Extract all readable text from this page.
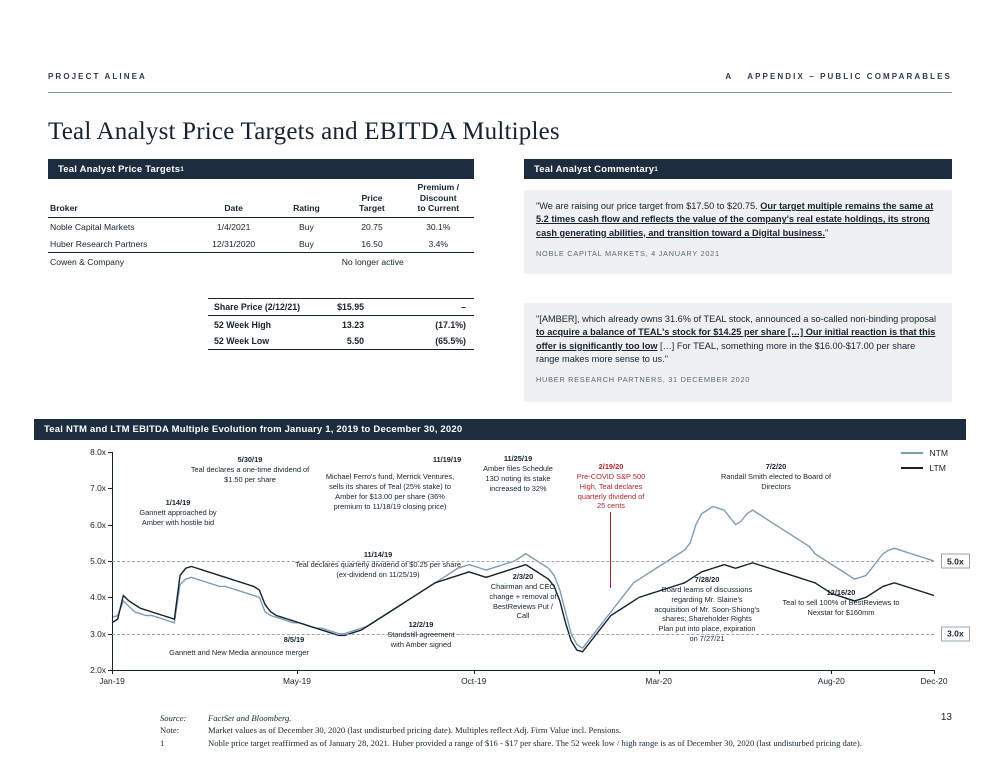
PROJECT ALINEA	A APPENDIX – PUBLIC COMPARABLES
Teal Analyst Price Targets and EBITDA Multiples
Teal Analyst Price Targets 1
Broker	Date	Rating	
Price
Target

Premium /
Discount
to Current

Noble Capital Markets	1/4/2021	Buy	20.75	30.1%
Huber Research Partners	12/31/2020	Buy	16.50	3.4%
Cowen & Company		No longer active		
Share Price (2/12/21)	$15.95	–
52 Week High	13.23	(17.1%)
52 Week Low	5.50	(65.5%)
Teal Analyst Commentary 1

"We are raising our price target from $17.50 to $20.75. Our target multiple remains the same at 5.2 times cash flow and reflects the value of the company's real estate holdings, its strong cash generating abilities, and transition toward a Digital business."

NOBLE CAPITAL MARKETS, 4 JANUARY 2021

"[AMBER], which already owns 31.6% of TEAL stock, announced a so-called non-binding proposal to acquire a balance of TEAL's stock for $14.25 per share […] Our initial reaction is that this offer is significantly too low […] For TEAL, something more in the $16.00-$17.00 per share range makes more sense to us."

HUBER RESEARCH PARTNERS, 31 DECEMBER 2020
Teal NTM and LTM EBITDA Multiple Evolution from January 1, 2019 to December 30, 2020
2.0x
3.0x
4.0x
5.0x
6.0x
7.0x
8.0x
5.0x
3.0x
Jan-19	May-19	Oct-19	Mar-20	Aug-20	Dec-20
NTM
LTM
1/14/19
Gannett approached by Amber with hostile bid
5/30/19
Teal declares a one-time dividend of $1.50 per share
8/5/19
Gannett and New Media announce merger
Michael Ferro's fund, Merrick Ventures, sells its shares of Teal (25% stake) to Amber for $13.00 per share (36% premium to 11/18/19 closing price)
11/19/19
11/14/19
Teal declares quarterly dividend of $0.25 per share (ex-dividend on 11/25/19)
11/25/19
Amber files Schedule 13D noting its stake increased to 32%
12/2/19
Standstill agreement with Amber signed
2/3/20
Chairman and CEO change + removal of BestReviews Put / Call
2/19/20
Pre-COVID S&P 500 High, Teal declares quarterly dividend of 25 cents
7/2/20
Randall Smith elected to Board of Directors
7/28/20
Board learns of discussions regarding Mr. Slaine's acquisition of Mr. Soon-Shiong's shares; Shareholder Rights Plan put into place, expiration on 7/27/21
12/16/20
Teal to sell 100% of BestReviews to Nexstar for $160mm
Source:	FactSet and Bloomberg.
Note:	Market values as of December 30, 2020 (last undisturbed pricing date). Multiples reflect Adj. Firm Value incl. Pensions.
1	Noble price target reaffirmed as of January 28, 2021. Huber provided a range of $16 - $17 per share. The 52 week low / high range is as of December 30, 2020 (last undisturbed pricing date).
13
